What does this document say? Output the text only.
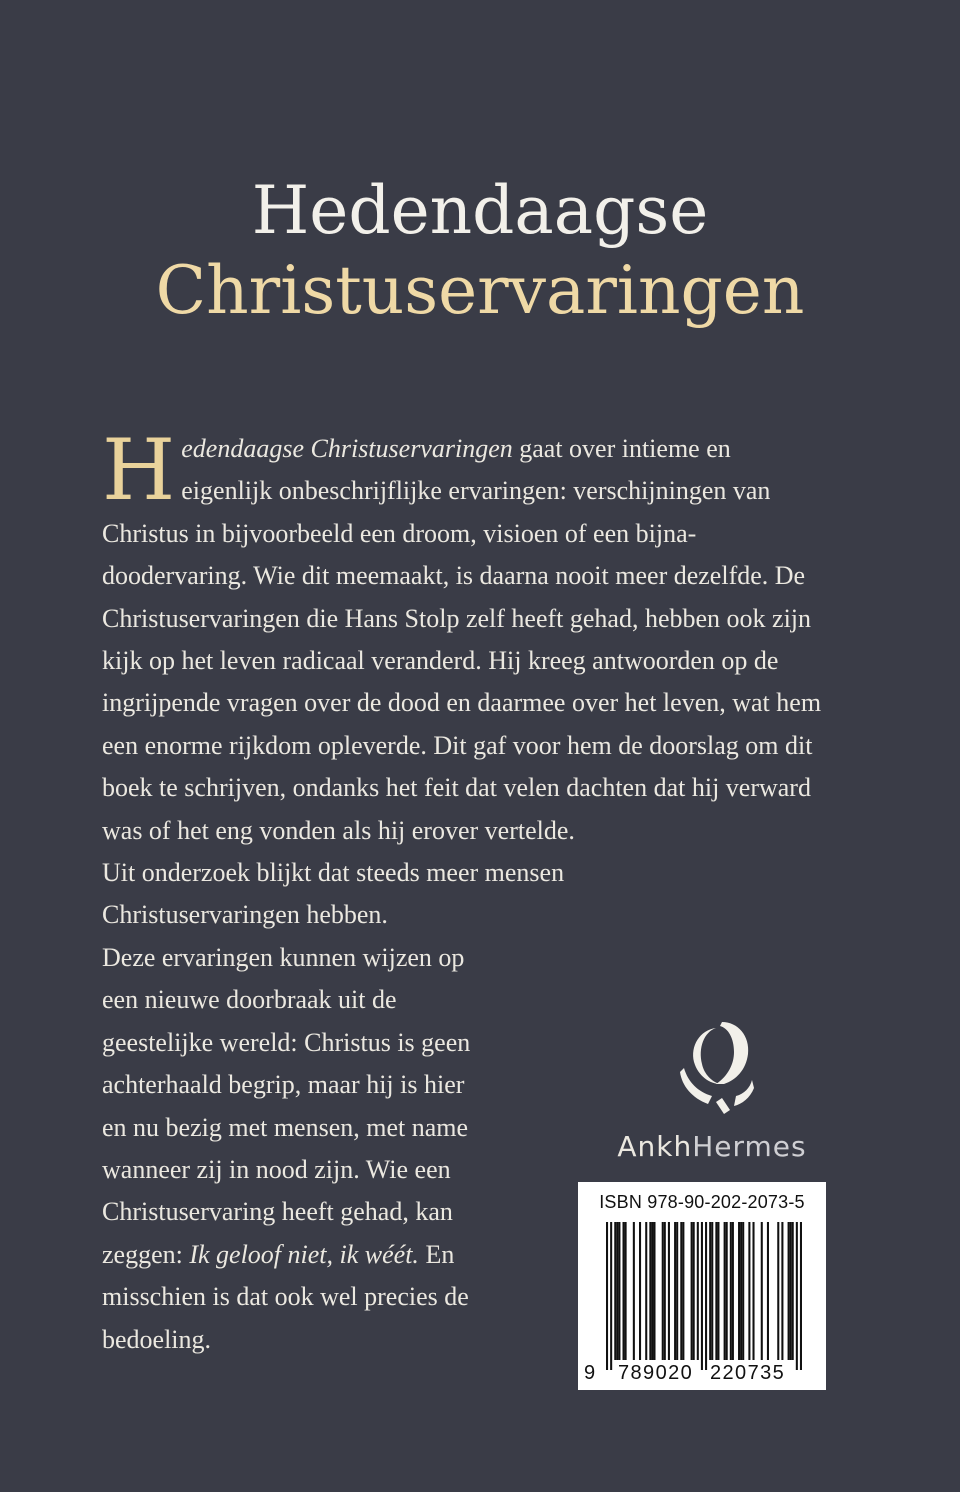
Hedendaagse
Christuservaringen

Hedendaagse Christuservaringen gaat over intieme en eigenlijk onbeschrijflijke ervaringen: verschijningen van Christus in bijvoorbeeld een droom, visioen of een bijna-doodervaring. Wie dit meemaakt, is daarna nooit meer dezelfde. De Christuservaringen die Hans Stolp zelf heeft gehad, hebben ook zijn kijk op het leven radicaal veranderd. Hij kreeg antwoorden op de ingrijpende vragen over de dood en daarmee over het leven, wat hem een enorme rijkdom opleverde. Dit gaf voor hem de doorslag om dit boek te schrijven, ondanks het feit dat velen dachten dat hij verward was of het eng vonden als hij erover vertelde.

Uit onderzoek blijkt dat steeds meer mensen Christuservaringen hebben.

Deze ervaringen kunnen wijzen op een nieuwe doorbraak uit de geestelijke wereld: Christus is geen achterhaald begrip, maar hij is hier en nu bezig met mensen, met name wanneer zij in nood zijn. Wie een Christuservaring heeft gehad, kan zeggen: Ik geloof niet, ik wéét. En misschien is dat ook wel precies de bedoeling.

AnkhHermes
ISBN 978-90-202-2073-5
9 789020 220735
